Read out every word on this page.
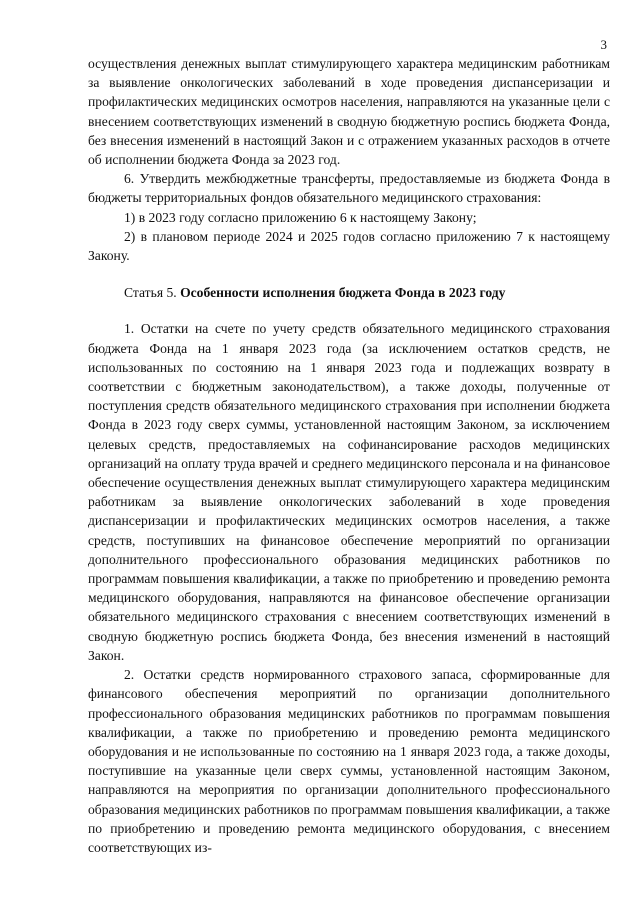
3

осуществления денежных выплат стимулирующего характера медицинским работникам за выявление онкологических заболеваний в ходе проведения диспансеризации и профилактических медицинских осмотров населения, направляются на указанные цели с внесением соответствующих изменений в сводную бюджетную роспись бюджета Фонда, без внесения изменений в настоящий Закон и с отражением указанных расходов в отчете об исполнении бюджета Фонда за 2023 год.

6. Утвердить межбюджетные трансферты, предоставляемые из бюджета Фонда в бюджеты территориальных фондов обязательного медицинского страхования:

1) в 2023 году согласно приложению 6 к настоящему Закону;

2) в плановом периоде 2024 и 2025 годов согласно приложению 7 к настоящему Закону.

Статья 5. Особенности исполнения бюджета Фонда в 2023 году

1. Остатки на счете по учету средств обязательного медицинского страхования бюджета Фонда на 1 января 2023 года (за исключением остатков средств, не использованных по состоянию на 1 января 2023 года и подлежащих возврату в соответствии с бюджетным законодательством), а также доходы, полученные от поступления средств обязательного медицинского страхования при исполнении бюджета Фонда в 2023 году сверх суммы, установленной настоящим Законом, за исключением целевых средств, предоставляемых на софинансирование расходов медицинских организаций на оплату труда врачей и среднего медицинского персонала и на финансовое обеспечение осуществления денежных выплат стимулирующего характера медицинским работникам за выявление онкологических заболеваний в ходе проведения диспансеризации и профилактических медицинских осмотров населения, а также средств, поступивших на финансовое обеспечение мероприятий по организации дополнительного профессионального образования медицинских работников по программам повышения квалификации, а также по приобретению и проведению ремонта медицинского оборудования, направляются на финансовое обеспечение организации обязательного медицинского страхования с внесением соответствующих изменений в сводную бюджетную роспись бюджета Фонда, без внесения изменений в настоящий Закон.

2. Остатки средств нормированного страхового запаса, сформированные для финансового обеспечения мероприятий по организации дополнительного профессионального образования медицинских работников по программам повышения квалификации, а также по приобретению и проведению ремонта медицинского оборудования и не использованные по состоянию на 1 января 2023 года, а также доходы, поступившие на указанные цели сверх суммы, установленной настоящим Законом, направляются на мероприятия по организации дополнительного профессионального образования медицинских работников по программам повышения квалификации, а также по приобретению и проведению ремонта медицинского оборудования, с внесением соответствующих из-
